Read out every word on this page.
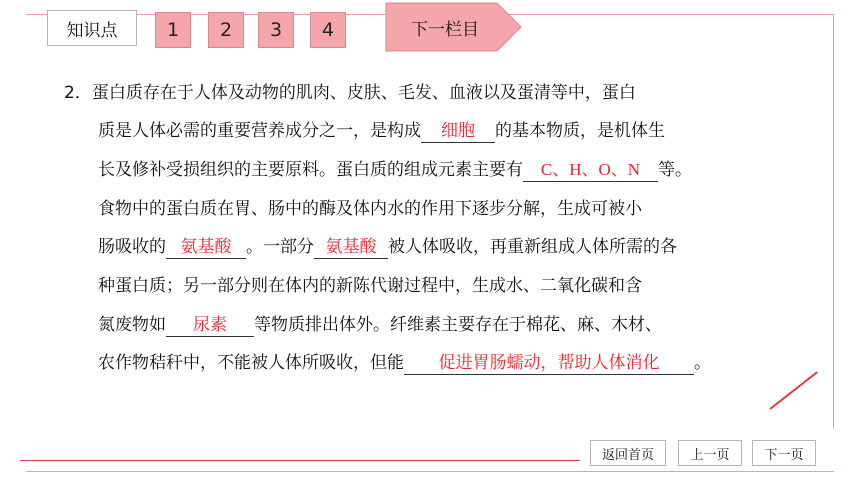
知识点	1	2	3	4	下一栏目
2．蛋白质存在于人体及动物的肌肉、皮肤、毛发、血液以及蛋清等中，蛋白
质是人体必需的重要营养成分之一，是构成 细胞 的基本物质，是机体生
长及修补受损组织的主要原料。蛋白质的组成元素主要有 C、H、O、N 等。
食物中的蛋白质在胃、肠中的酶及体内水的作用下逐步分解，生成可被小
肠吸收的 氨基酸 。一部分 氨基酸 被人体吸收，再重新组成人体所需的各
种蛋白质；另一部分则在体内的新陈代谢过程中，生成水、二氧化碳和含
氮废物如 尿素 等物质排出体外。纤维素主要存在于棉花、麻、木材、
农作物秸秆中，不能被人体所吸收，但能 促进胃肠蠕动，帮助人体消化 。
返回首页	上一页	下一页
